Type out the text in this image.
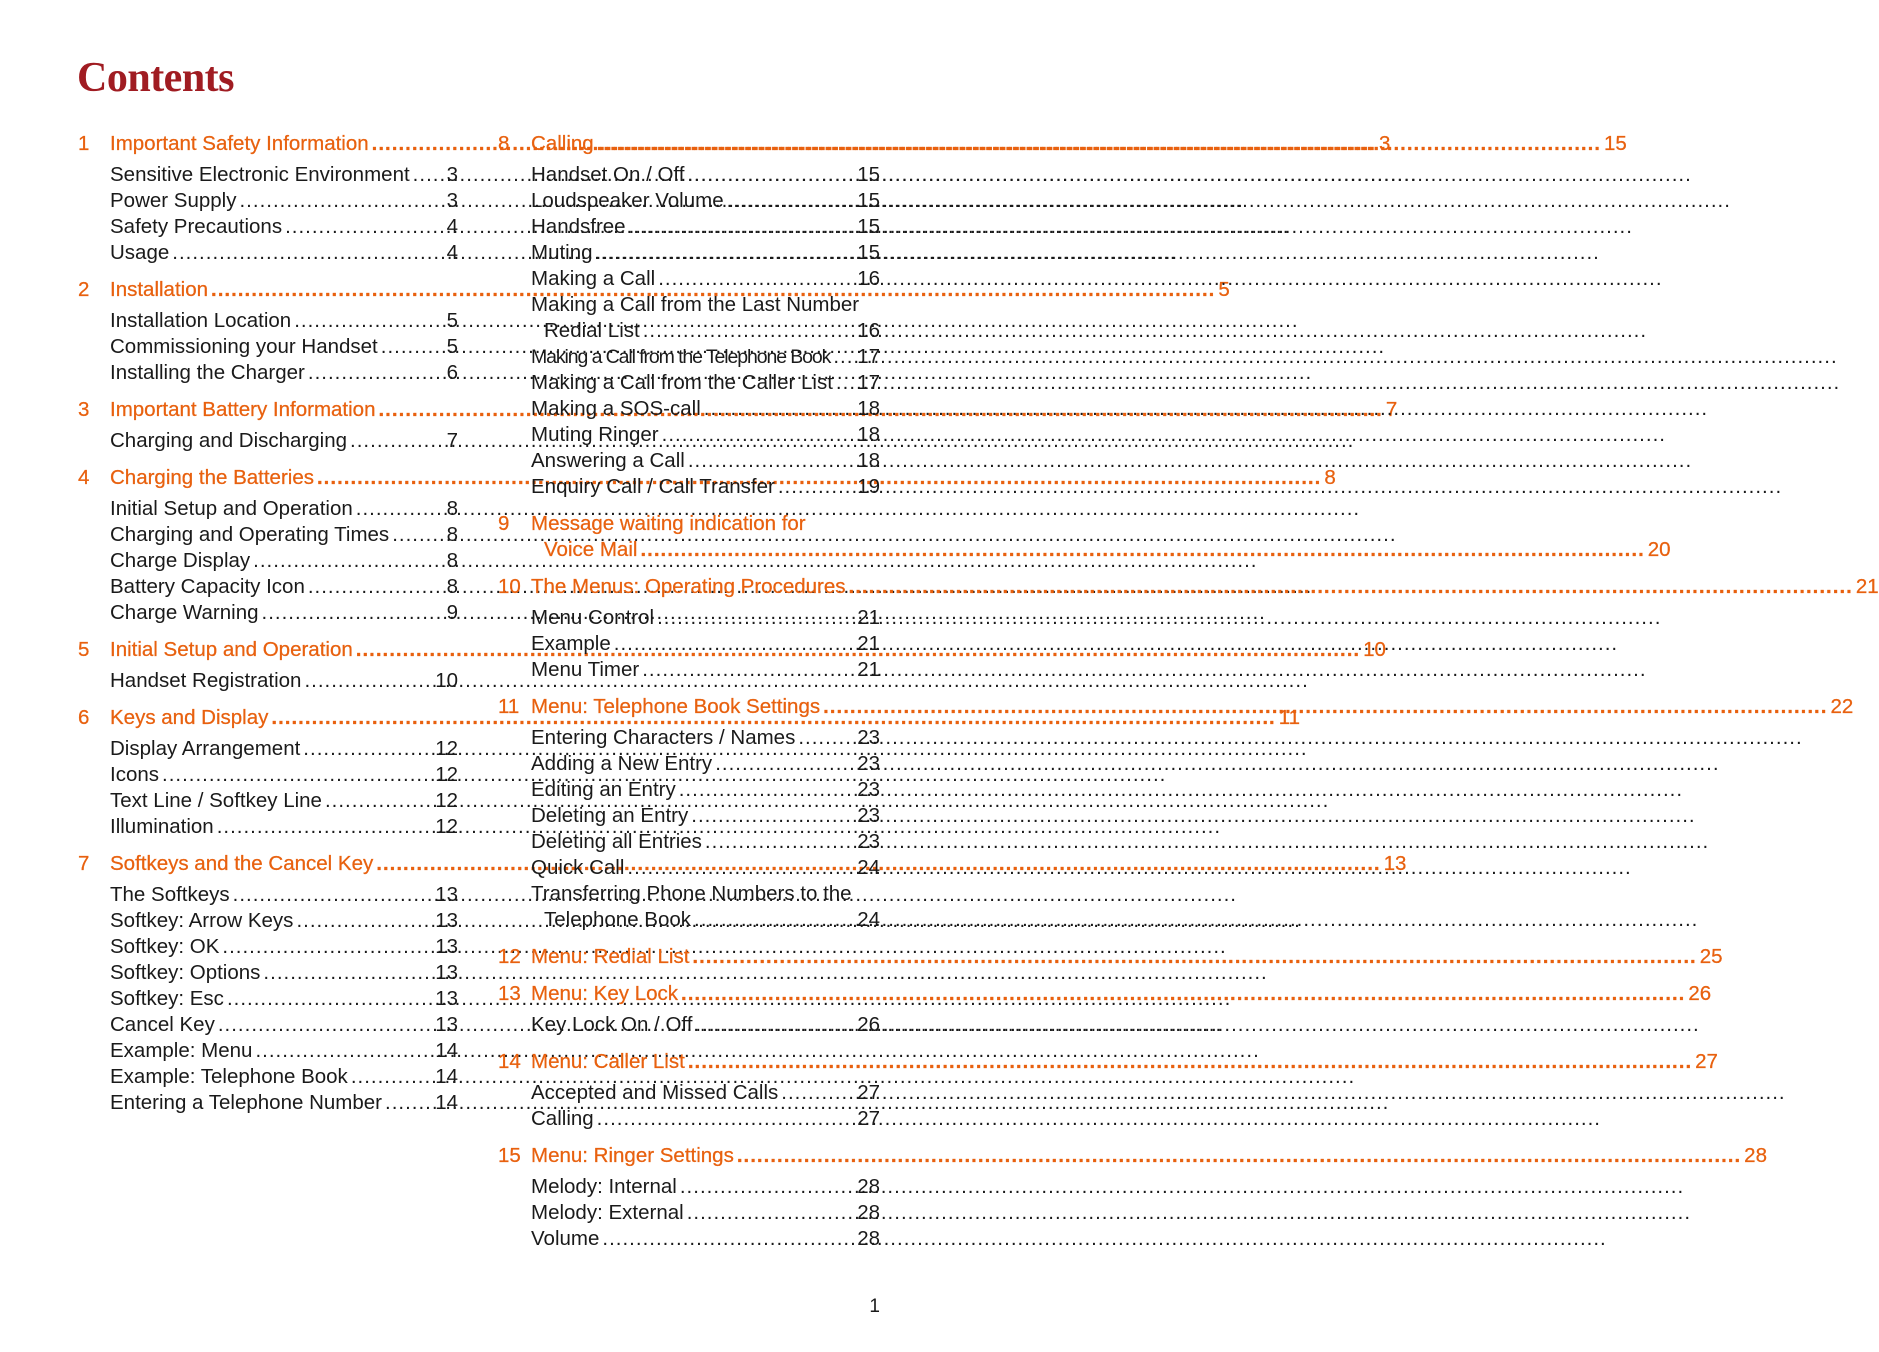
Contents
1	Important Safety Information .....	3
Sensitive Electronic Environment ..... 3
Power Supply .....	3
Safety Precautions .....	4
Usage .....	4
2	Installation .....	5
Installation Location .....	5
Commissioning your Handset .....	5
Installing the Charger .....	6
3	Important Battery Information .....	7
Charging and Discharging .....	7
4	Charging the Batteries .....	8
Initial Setup and Operation .....	8
Charging and Operating Times .....	8
Charge Display .....	8
Battery Capacity Icon .....	8
Charge Warning .....	9
5	Initial Setup and Operation .....	10
Handset Registration .....	10
6	Keys and Display .....	11
Display Arrangement .....	12
Icons .....	12
Text Line / Softkey Line .....	12
Illumination .....	12
7	Softkeys and the Cancel Key .....	13
The Softkeys .....	13
Softkey: Arrow Keys .....	13
Softkey: OK .....	13
Softkey: Options .....	13
Softkey: Esc .....	13
Cancel Key .....	13
Example: Menu .....	14
Example: Telephone Book .....	14
Entering a Telephone Number .....	14
8	Calling .....	15
Handset On / Off .....	15
Loudspeaker Volume .....	15
Handsfree .....	15
Muting .....	15
Making a Call .....	16
Making a Call from the Last Number
Redial List .....	16
Making a Call from the Telephone Book ..... 17
Making a Call from the Caller List ..... 17
Making a SOS-call .....	18
Muting Ringer .....	18
Answering a Call .....	18
Enquiry Call / Call Transfer .....	19
9	Message waiting indication for
Voice Mail .....	20
10 The Menus: Operating Procedures .....	21
Menu Control .....	21
Example .....	21
Menu Timer .....	21
11 Menu: Telephone Book Settings .....	22
Entering Characters / Names .....	23
Adding a New Entry .....	23
Editing an Entry .....	23
Deleting an Entry .....	23
Deleting all Entries .....	23
Quick Call .....	24
Transferring Phone Numbers to the
Telephone Book .....	24
12 Menu: Redial List .....	25
13 Menu: Key Lock .....	26
Key Lock On / Off .....	26
14 Menu: Caller List .....	27
Accepted and Missed Calls .....	27
Calling .....	27
15 Menu: Ringer Settings .....	28
Melody: Internal .....	28
Melody: External .....	28
Volume .....	28
1
